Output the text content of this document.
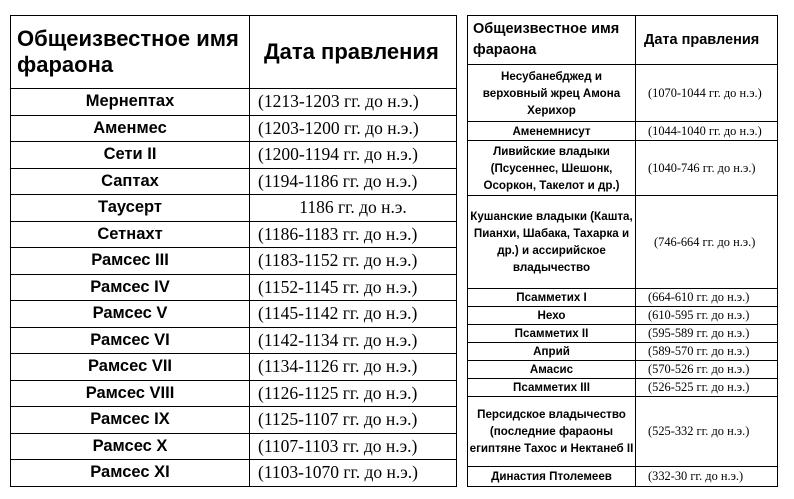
Общеизвестное имя фараона	Дата правления
Мернептах	(1213-1203 гг. до н.э.)
Аменмес	(1203-1200 гг. до н.э.)
Сети II	(1200-1194 гг. до н.э.)
Саптах	(1194-1186 гг. до н.э.)
Таусерт	1186 гг. до н.э.
Сетнахт	(1186-1183 гг. до н.э.)
Рамсес III	(1183-1152 гг. до н.э.)
Рамсес IV	(1152-1145 гг. до н.э.)
Рамсес V	(1145-1142 гг. до н.э.)
Рамсес VI	(1142-1134 гг. до н.э.)
Рамсес VII	(1134-1126 гг. до н.э.)
Рамсес VIII	(1126-1125 гг. до н.э.)
Рамсес IX	(1125-1107 гг. до н.э.)
Рамсес X	(1107-1103 гг. до н.э.)
Рамсес XI	(1103-1070 гг. до н.э.)
Общеизвестное имя фараона	Дата правления
Несубанебджед и верховный жрец Амона Херихор	(1070-1044 гг. до н.э.)
Аменемнисут	(1044-1040 гг. до н.э.)
Ливийские владыки (Псусеннес, Шешонк, Осоркон, Такелот и др.)	(1040-746 гг. до н.э.)
Кушанские владыки (Кашта, Пианхи, Шабака, Тахарка и др.) и ассирийское владычество	(746-664 гг. до н.э.)
Псамметих I	(664-610 гг. до н.э.)
Нехо	(610-595 гг. до н.э.)
Псамметих II	(595-589 гг. до н.э.)
Априй	(589-570 гг. до н.э.)
Амасис	(570-526 гг. до н.э.)
Псамметих III	(526-525 гг. до н.э.)
Персидское владычество (последние фараоны египтяне Тахос и Нектанеб II	(525-332 гг. до н.э.)
Династия Птолемеев	(332-30 гг. до н.э.)
